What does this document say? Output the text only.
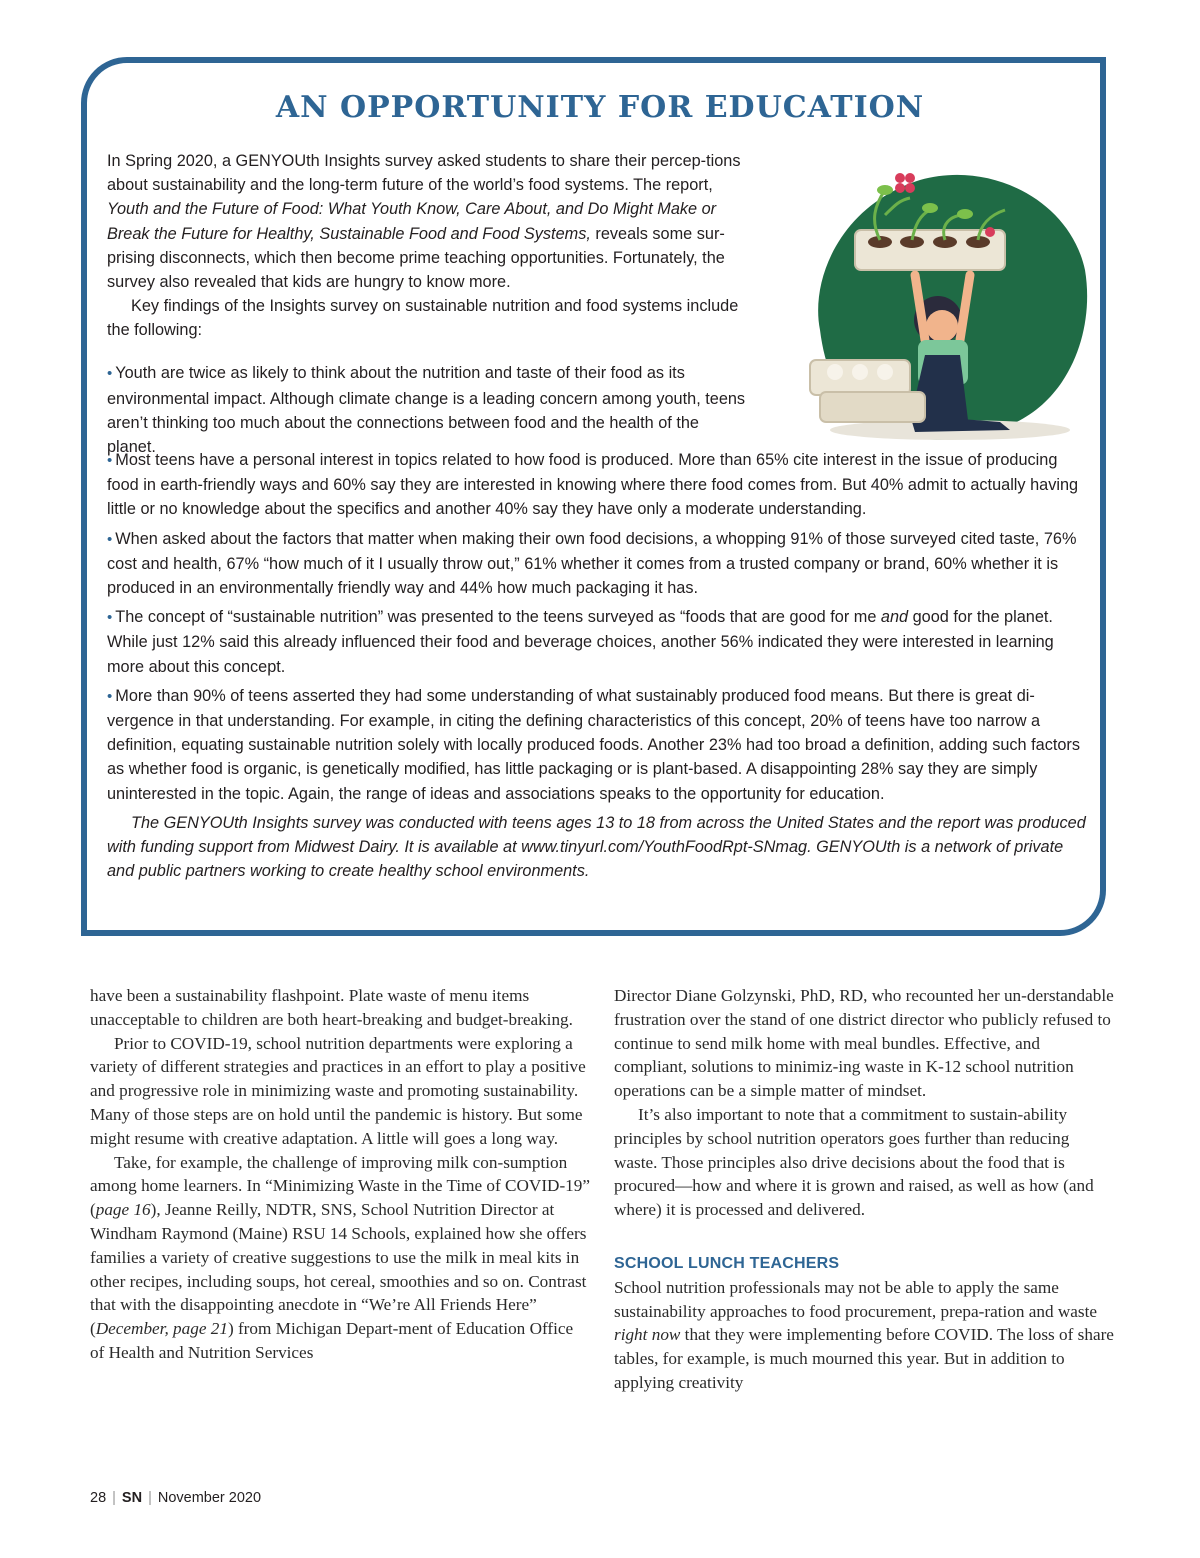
AN OPPORTUNITY FOR EDUCATION

In Spring 2020, a GENYOUth Insights survey asked students to share their percep-tions about sustainability and the long-term future of the world’s food systems. The report, Youth and the Future of Food: What Youth Know, Care About, and Do Might Make or Break the Future for Healthy, Sustainable Food and Food Systems, reveals some sur-prising disconnects, which then become prime teaching opportunities. Fortunately, the survey also revealed that kids are hungry to know more.

Key findings of the Insights survey on sustainable nutrition and food systems include the following:

• Youth are twice as likely to think about the nutrition and taste of their food as its environmental impact. Although climate change is a leading concern among youth, teens aren’t thinking too much about the connections between food and the health of the planet.

• Most teens have a personal interest in topics related to how food is produced. More than 65% cite interest in the issue of producing food in earth-friendly ways and 60% say they are interested in knowing where there food comes from. But 40% admit to actually having little or no knowledge about the specifics and another 40% say they have only a moderate understanding.

• When asked about the factors that matter when making their own food decisions, a whopping 91% of those surveyed cited taste, 76% cost and health, 67% “how much of it I usually throw out,” 61% whether it comes from a trusted company or brand, 60% whether it is produced in an environmentally friendly way and 44% how much packaging it has.

• The concept of “sustainable nutrition” was presented to the teens surveyed as “foods that are good for me and good for the planet. While just 12% said this already influenced their food and beverage choices, another 56% indicated they were interested in learning more about this concept.

• More than 90% of teens asserted they had some understanding of what sustainably produced food means. But there is great di-vergence in that understanding. For example, in citing the defining characteristics of this concept, 20% of teens have too narrow a definition, equating sustainable nutrition solely with locally produced foods. Another 23% had too broad a definition, adding such factors as whether food is organic, is genetically modified, has little packaging or is plant-based. A disappointing 28% say they are simply uninterested in the topic. Again, the range of ideas and associations speaks to the opportunity for education.

The GENYOUth Insights survey was conducted with teens ages 13 to 18 from across the United States and the report was produced with funding support from Midwest Dairy. It is available at www.tinyurl.com/YouthFoodRpt-SNmag. GENYOUth is a network of private and public partners working to create healthy school environments.

have been a sustainability flashpoint. Plate waste of menu items unacceptable to children are both heart-breaking and budget-breaking.

Prior to COVID-19, school nutrition departments were exploring a variety of different strategies and practices in an effort to play a positive and progressive role in minimizing waste and promoting sustainability. Many of those steps are on hold until the pandemic is history. But some might resume with creative adaptation. A little will goes a long way.

Take, for example, the challenge of improving milk con-sumption among home learners. In “Minimizing Waste in the Time of COVID-19” (page 16), Jeanne Reilly, NDTR, SNS, School Nutrition Director at Windham Raymond (Maine) RSU 14 Schools, explained how she offers families a variety of creative suggestions to use the milk in meal kits in other recipes, including soups, hot cereal, smoothies and so on. Contrast that with the disappointing anecdote in “We’re All Friends Here” (December, page 21) from Michigan Depart-ment of Education Office of Health and Nutrition Services

Director Diane Golzynski, PhD, RD, who recounted her un-derstandable frustration over the stand of one district director who publicly refused to continue to send milk home with meal bundles. Effective, and compliant, solutions to minimiz-ing waste in K-12 school nutrition operations can be a simple matter of mindset.

It’s also important to note that a commitment to sustain-ability principles by school nutrition operators goes further than reducing waste. Those principles also drive decisions about the food that is procured—how and where it is grown and raised, as well as how (and where) it is processed and delivered.

SCHOOL LUNCH TEACHERS

School nutrition professionals may not be able to apply the same sustainability approaches to food procurement, prepa-ration and waste right now that they were implementing before COVID. The loss of share tables, for example, is much mourned this year. But in addition to applying creativity

28 | SN | November 2020
